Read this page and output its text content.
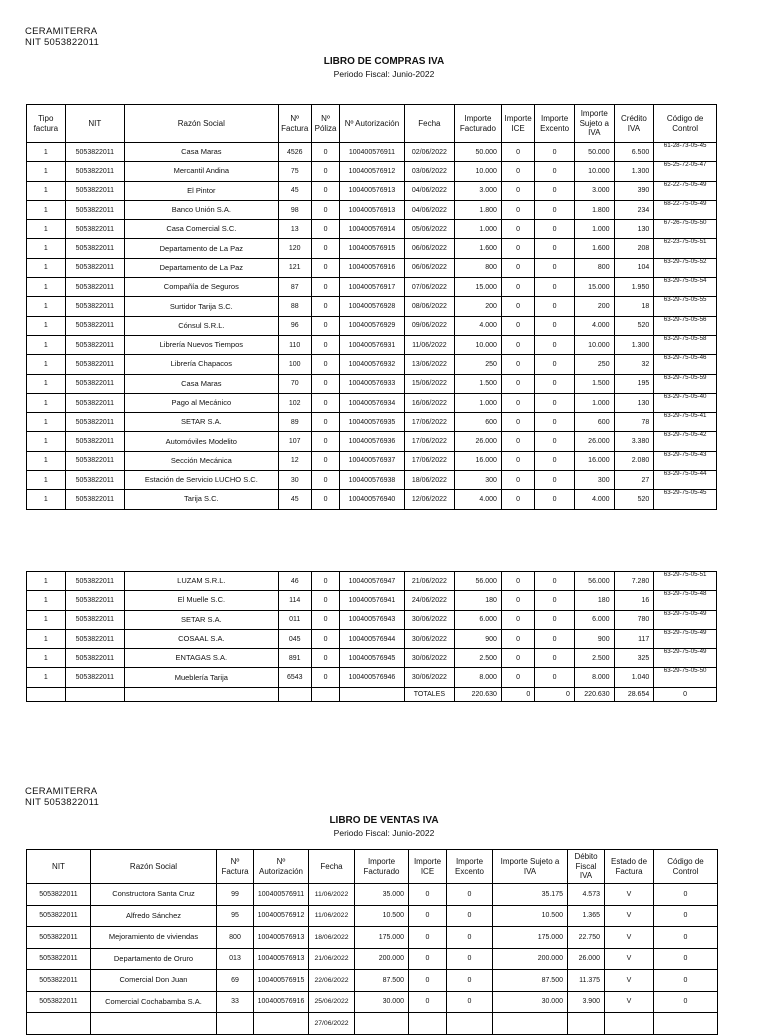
CERAMITERRA
NIT 5053822011
LIBRO DE COMPRAS IVA
Periodo Fiscal: Junio-2022
Tipo factura	NIT	Razón Social	Nº Factura	Nº Póliza	Nº Autorización	Fecha	Importe Facturado	Importe ICE	Importe Excento	Importe Sujeto a IVA	Crédito IVA	Código de Control
1	5053822011	Casa Maras	4526	0	100400576911	02/06/2022	50.000	0	0	50.000	6.500	61-28-73-05-45
1	5053822011	Mercantil Andina	75	0	100400576912	03/06/2022	10.000	0	0	10.000	1.300	65-25-72-05-47
1	5053822011	El Pintor	45	0	100400576913	04/06/2022	3.000	0	0	3.000	390	62-22-75-05-49
1	5053822011	Banco Unión S.A.	98	0	100400576913	04/06/2022	1.800	0	0	1.800	234	68-22-75-05-49
1	5053822011	Casa Comercial S.C.	13	0	100400576914	05/06/2022	1.000	0	0	1.000	130	67-26-75-05-50
1	5053822011	Departamento de La Paz	120	0	100400576915	06/06/2022	1.600	0	0	1.600	208	62-23-75-05-51
1	5053822011	Departamento de La Paz	121	0	100400576916	06/06/2022	800	0	0	800	104	63-29-75-05-52
1	5053822011	Compañía de Seguros	87	0	100400576917	07/06/2022	15.000	0	0	15.000	1.950	63-29-75-05-54
1	5053822011	Surtidor Tarija S.C.	88	0	100400576928	08/06/2022	200	0	0	200	18	63-29-75-05-55
1	5053822011	Cónsul S.R.L.	96	0	100400576929	09/06/2022	4.000	0	0	4.000	520	63-29-75-05-56
1	5053822011	Librería Nuevos Tiempos	110	0	100400576931	11/06/2022	10.000	0	0	10.000	1.300	63-29-75-05-58
1	5053822011	Librería Chapacos	100	0	100400576932	13/06/2022	250	0	0	250	32	63-29-75-05-46
1	5053822011	Casa Maras	70	0	100400576933	15/06/2022	1.500	0	0	1.500	195	63-29-75-05-59
1	5053822011	Pago al Mecánico	102	0	100400576934	16/06/2022	1.000	0	0	1.000	130	63-29-75-05-40
1	5053822011	SETAR S.A.	89	0	100400576935	17/06/2022	600	0	0	600	78	63-29-75-05-41
1	5053822011	Automóviles Modelito	107	0	100400576936	17/06/2022	26.000	0	0	26.000	3.380	63-29-75-05-42
1	5053822011	Sección Mecánica	12	0	100400576937	17/06/2022	16.000	0	0	16.000	2.080	63-29-75-05-43
1	5053822011	Estación de Servicio LUCHO S.C.	30	0	100400576938	18/06/2022	300	0	0	300	27	63-29-75-05-44
1	5053822011	Tarija S.C.	45	0	100400576940	12/06/2022	4.000	0	0	4.000	520	63-29-75-05-45
1	5053822011	LUZAM S.R.L.	46	0	100400576947	21/06/2022	56.000	0	0	56.000	7.280	63-29-75-05-51
1	5053822011	El Muelle S.C.	114	0	100400576941	24/06/2022	180	0	0	180	16	63-29-75-05-48
1	5053822011	SETAR S.A.	011	0	100400576943	30/06/2022	6.000	0	0	6.000	780	63-29-75-05-49
1	5053822011	COSAAL S.A.	045	0	100400576944	30/06/2022	900	0	0	900	117	63-29-75-05-49
1	5053822011	ENTAGAS S.A.	891	0	100400576945	30/06/2022	2.500	0	0	2.500	325	63-29-75-05-49
1	5053822011	Mueblería Tarija	6543	0	100400576946	30/06/2022	8.000	0	0	8.000	1.040	63-29-75-05-50
						TOTALES	220.630	0	0	220.630	28.654	0
CERAMITERRA
NIT 5053822011
LIBRO DE VENTAS IVA
Periodo Fiscal: Junio-2022
NIT	Razón Social	Nº Factura	Nº Autorización	Fecha	Importe Facturado	Importe ICE	Importe Excento	Importe Sujeto a IVA	Débito Fiscal IVA	Estado de Factura	Código de Control
5053822011	Constructora Santa Cruz	99	100400576911	11/06/2022	35.000	0	0	35.175	4.573	V	0
5053822011	Alfredo Sánchez	95	100400576912	11/06/2022	10.500	0	0	10.500	1.365	V	0
5053822011	Mejoramiento de viviendas	800	100400576913	18/06/2022	175.000	0	0	175.000	22.750	V	0
5053822011	Departamento de Oruro	013	100400576913	21/06/2022	200.000	0	0	200.000	26.000	V	0
5053822011	Comercial Don Juan	69	100400576915	22/06/2022	87.500	0	0	87.500	11.375	V	0
5053822011	Comercial Cochabamba S.A.	33	100400576916	25/06/2022	30.000	0	0	30.000	3.900	V	0
				27/06/2022							
